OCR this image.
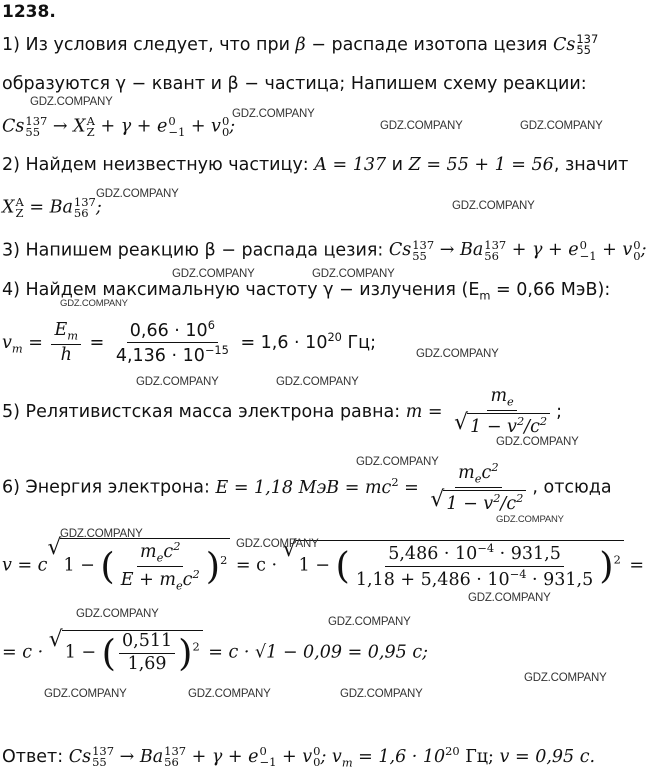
1238.
1) Из условия следует, что при β − распаде изотопа цезия Cs 137
55
образуются γ − квант и β − частица; Напишем схему реакции:
Cs 137
55 → X A
Z + γ + e 0
−1 + v 0
0 ;
2) Найдем неизвестную частицу: A = 137 и Z = 55 + 1 = 56, значит
X A
Z = Ba 137
56 ;
3) Напишем реакцию β − распада цезия: Cs 137
55 → Ba 137
56 + γ + e 0
−1 + v 0
0 ;
4) Найдем максимальную частоту γ − излучения ($E_m = 0,66$ МэВ):
$v_m = \frac{E_m}{h} = \frac{0,66 \cdot 10^6}{4,136 \cdot 10^{-15}} = 1,6 \cdot 10^{20}$ Гц;
5) Релятивистская масса электрона равна: $m = m_e$
√ $1 - v^2/c^2$ ;
6) Энергия электрона: E = 1,18 МэВ = $mc^2 = m_ec^2$
√ $1 - v^2/c^2$ , отсюда
v = c√ 1 − ( $\frac{m_ec^2}{E + m_ec^2} )^2 = c$ · √ 1 − ( $\frac{5,486 \cdot 10^{-4} \cdot 931,5}{1,18 + 5,486 \cdot 10^{-4} \cdot 931,5} )^2$ =
= c · √ 1 − ( $\frac{0,511}{1,69} )^2 = c \cdot √1 - 0,09 = 0,95$ c;
Ответ: Cs 137
55 → Ba 137
56 + γ + e 0
−1 + v 0
0 ; $v_m = 1,6 \cdot 10^{20}$ Гц; v = 0,95 c.
GDZ.COMPANY
GDZ.COMPANY
GDZ.COMPANY	GDZ.COMPANY
GDZ.COMPANY
GDZ.COMPANY
GDZ.COMPANY	GDZ.COMPANY
GDZ.COMPANY
GDZ.COMPANY
GDZ.COMPANY	GDZ.COMPANY
GDZ.COMPANY
GDZ.COMPANY
GDZ.COMPANY
GDZ.COMPANY
GDZ.COMPANY
GDZ.COMPANY
GDZ.COMPANY
GDZ.COMPANY
GDZ.COMPANY
GDZ.COMPANY	GDZ.COMPANY	GDZ.COMPANY
